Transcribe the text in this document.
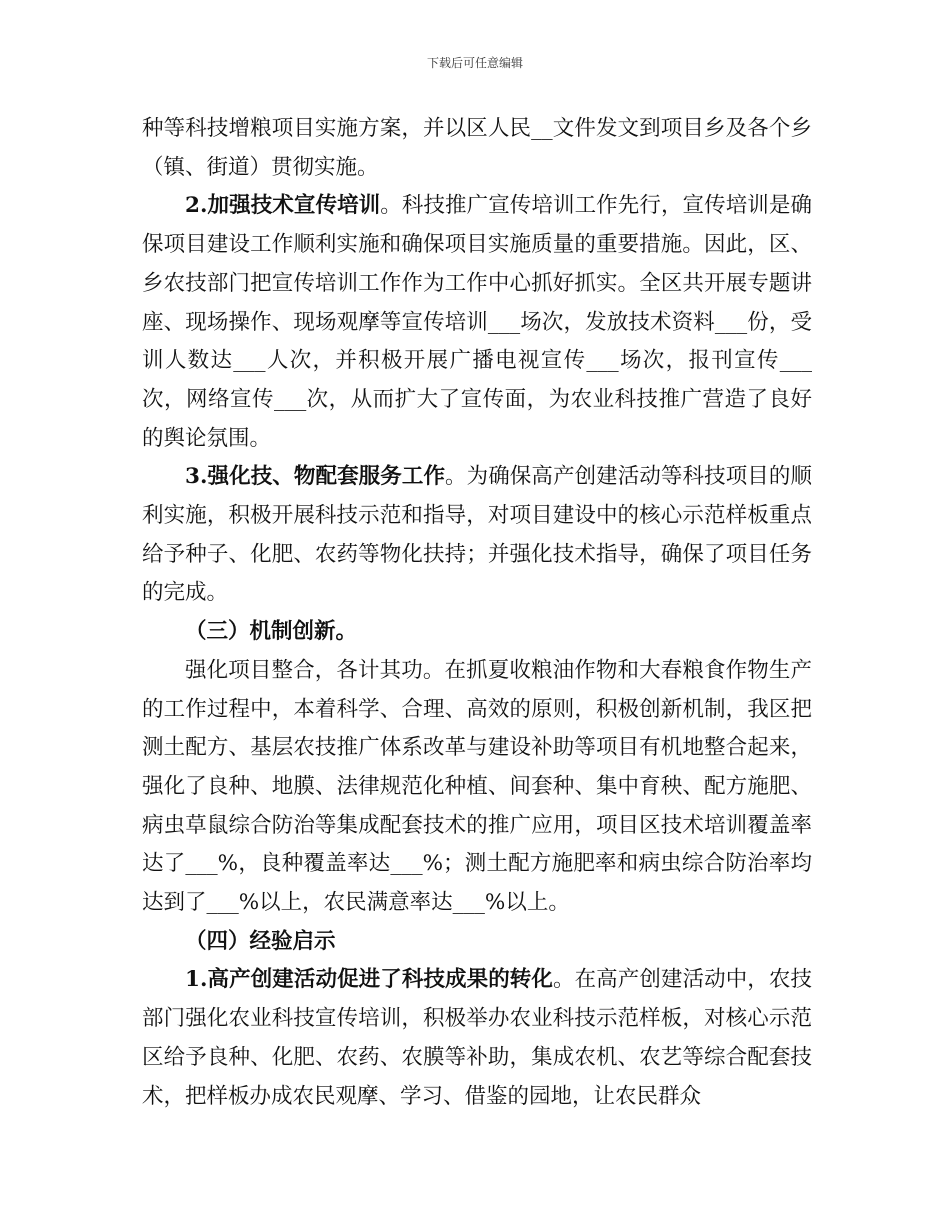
下载后可任意编辑

种等科技增粮项目实施方案，并以区人民__文件发文到项目乡及各个乡（镇、街道）贯彻实施。

2.加强技术宣传培训。科技推广宣传培训工作先行，宣传培训是确保项目建设工作顺利实施和确保项目实施质量的重要措施。因此，区、乡农技部门把宣传培训工作作为工作中心抓好抓实。全区共开展专题讲座、现场操作、现场观摩等宣传培训___场次，发放技术资料___份，受训人数达___人次，并积极开展广播电视宣传___场次，报刊宣传___次，网络宣传___次，从而扩大了宣传面，为农业科技推广营造了良好的舆论氛围。

3.强化技、物配套服务工作。为确保高产创建活动等科技项目的顺利实施，积极开展科技示范和指导，对项目建设中的核心示范样板重点给予种子、化肥、农药等物化扶持；并强化技术指导，确保了项目任务的完成。

（三）机制创新。

强化项目整合，各计其功。在抓夏收粮油作物和大春粮食作物生产的工作过程中，本着科学、合理、高效的原则，积极创新机制，我区把测土配方、基层农技推广体系改革与建设补助等项目有机地整合起来，强化了良种、地膜、法律规范化种植、间套种、集中育秧、配方施肥、病虫草鼠综合防治等集成配套技术的推广应用，项目区技术培训覆盖率达了___%，良种覆盖率达___%；测土配方施肥率和病虫综合防治率均达到了___%以上，农民满意率达___%以上。

（四）经验启示

1.高产创建活动促进了科技成果的转化。在高产创建活动中，农技部门强化农业科技宣传培训，积极举办农业科技示范样板，对核心示范区给予良种、化肥、农药、农膜等补助，集成农机、农艺等综合配套技术，把样板办成农民观摩、学习、借鉴的园地，让农民群众
